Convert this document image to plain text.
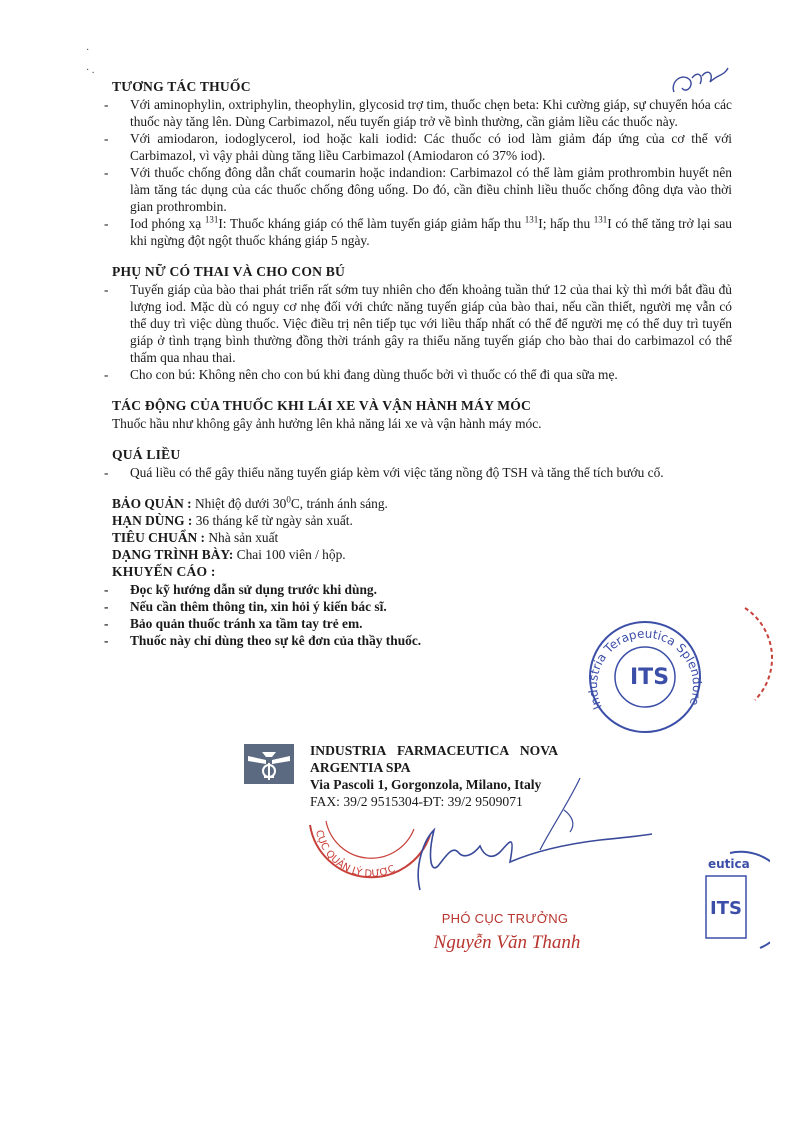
·

· .
TƯƠNG TÁC THUỐC
- Với aminophylin, oxtriphylin, theophylin, glycosid trợ tim, thuốc chẹn beta: Khi cường giáp, sự chuyển hóa các thuốc này tăng lên. Dùng Carbimazol, nếu tuyến giáp trở về bình thường, cần giảm liều các thuốc này.
- Với amiodaron, iodoglycerol, iod hoặc kali iodid: Các thuốc có iod làm giảm đáp ứng của cơ thể với Carbimazol, vì vậy phải dùng tăng liều Carbimazol (Amiodaron có 37% iod).
- Với thuốc chống đông dẫn chất coumarin hoặc indandion: Carbimazol có thể làm giảm prothrombin huyết nên làm tăng tác dụng của các thuốc chống đông uống. Do đó, cần điều chỉnh liều thuốc chống đông dựa vào thời gian prothrombin.
- Iod phóng xạ $^{131}$I: Thuốc kháng giáp có thể làm tuyến giáp giảm hấp thu $^{131}$I; hấp thu $^{131}$I có thể tăng trở lại sau khi ngừng đột ngột thuốc kháng giáp 5 ngày.
PHỤ NỮ CÓ THAI VÀ CHO CON BÚ
- Tuyến giáp của bào thai phát triển rất sớm tuy nhiên cho đến khoảng tuần thứ 12 của thai kỳ thì mới bắt đầu đủ lượng iod. Mặc dù có nguy cơ nhẹ đối với chức năng tuyến giáp của bào thai, nếu cần thiết, người mẹ vẫn có thể duy trì việc dùng thuốc. Việc điều trị nên tiếp tục với liều thấp nhất có thể để người mẹ có thể duy trì tuyến giáp ở tình trạng bình thường đồng thời tránh gây ra thiểu năng tuyến giáp cho bào thai do carbimazol có thể thấm qua nhau thai.
- Cho con bú: Không nên cho con bú khi đang dùng thuốc bởi vì thuốc có thể đi qua sữa mẹ.
TÁC ĐỘNG CỦA THUỐC KHI LÁI XE VÀ VẬN HÀNH MÁY MÓC

Thuốc hầu như không gây ảnh hưởng lên khả năng lái xe và vận hành máy móc.

QUÁ LIỀU
- Quá liều có thể gây thiểu năng tuyến giáp kèm với việc tăng nồng độ TSH và tăng thể tích bướu cổ.

BẢO QUẢN : Nhiệt độ dưới $30^0C$, tránh ánh sáng.

HẠN DÙNG : 36 tháng kể từ ngày sản xuất.

TIÊU CHUẨN : Nhà sản xuất

DẠNG TRÌNH BÀY: Chai 100 viên / hộp.

KHUYẾN CÁO :
- Đọc kỹ hướng dẫn sử dụng trước khi dùng.
- Nếu cần thêm thông tin, xin hỏi ý kiến bác sĩ.
- Bảo quản thuốc tránh xa tầm tay trẻ em.
- Thuốc này chỉ dùng theo sự kê đơn của thầy thuốc.
INDUSTRIA FARMACEUTICA NOVA
ARGENTIA SPA
Via Pascoli 1, Gorgonzola, Milano, Italy
FAX: 39/2 9515304-ĐT: 39/2 9509071
ITS
Industria Terapeutica Splendore
eutica
ITS
CỤC QUẢN LÝ DƯỢC
PHÓ CỤC TRƯỞNG
Nguyễn Văn Thanh
